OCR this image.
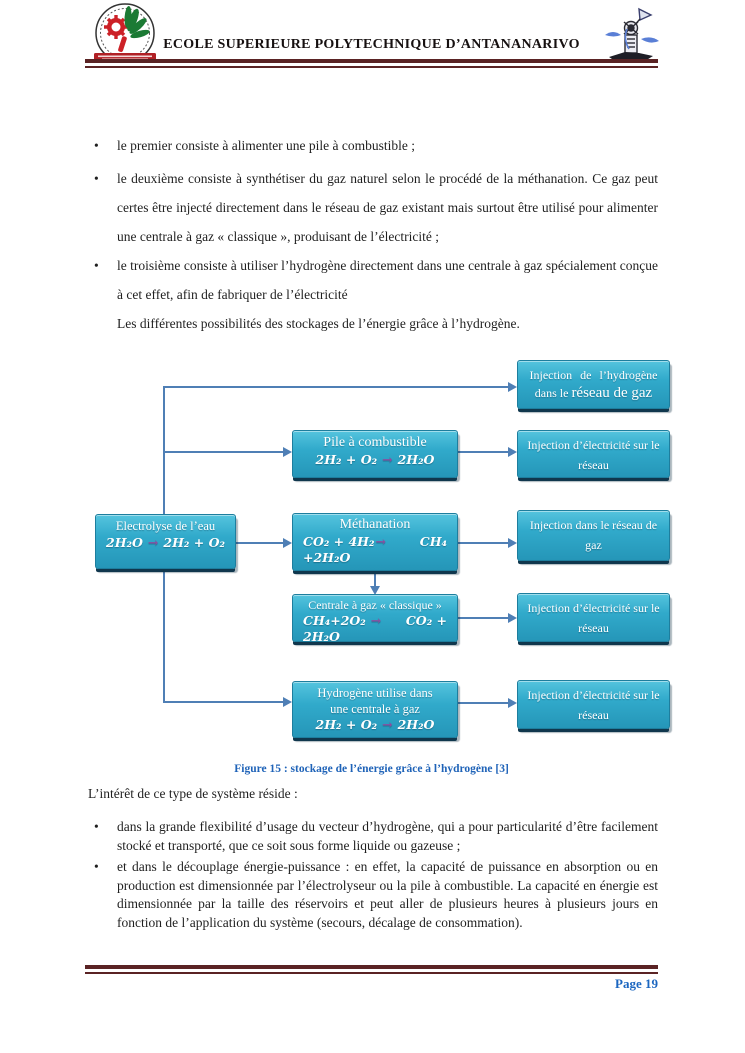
ECOLE SUPERIEURE POLYTECHNIQUE D’ANTANANARIVO
• le premier consiste à alimenter une pile à combustible ;
• le deuxième consiste à synthétiser du gaz naturel selon le procédé de la méthanation. Ce gaz peut certes être injecté directement dans le réseau de gaz existant mais surtout être utilisé pour alimenter une centrale à gaz « classique », produisant de l’électricité ;
• le troisième consiste à utiliser l’hydrogène directement dans une centrale à gaz spécialement conçue à cet effet, afin de fabriquer de l’électricité

Les différentes possibilités des stockages de l’énergie grâce à l’hydrogène.

Electrolyse de l’eau
2H₂O → 2H₂ + O₂
Pile à combustible
2H₂ + O₂ → 2H₂O
Méthanation
CO₂ + 4H₂→	CH₄
+2H₂O
Centrale à gaz « classique »
CH₄+2O₂ →	CO₂ +
2H₂O
Hydrogène utilise dans une centrale à gaz
2H₂ + O₂ → 2H₂O
Injection de l’hydrogène
dans le réseau de gaz
Injection d’électricité sur le réseau
Injection dans le réseau de gaz
Injection d’électricité sur le réseau
Injection d’électricité sur le réseau

Figure 15 : stockage de l’énergie grâce à l’hydrogène [3]

L’intérêt de ce type de système réside :

• dans la grande flexibilité d’usage du vecteur d’hydrogène, qui a pour particularité d’être facilement stocké et transporté, que ce soit sous forme liquide ou gazeuse ;
• et dans le découplage énergie-puissance : en effet, la capacité de puissance en absorption ou en production est dimensionnée par l’électrolyseur ou la pile à combustible. La capacité en énergie est dimensionnée par la taille des réservoirs et peut aller de plusieurs heures à plusieurs jours en fonction de l’application du système (secours, décalage de consommation).
Page 19
